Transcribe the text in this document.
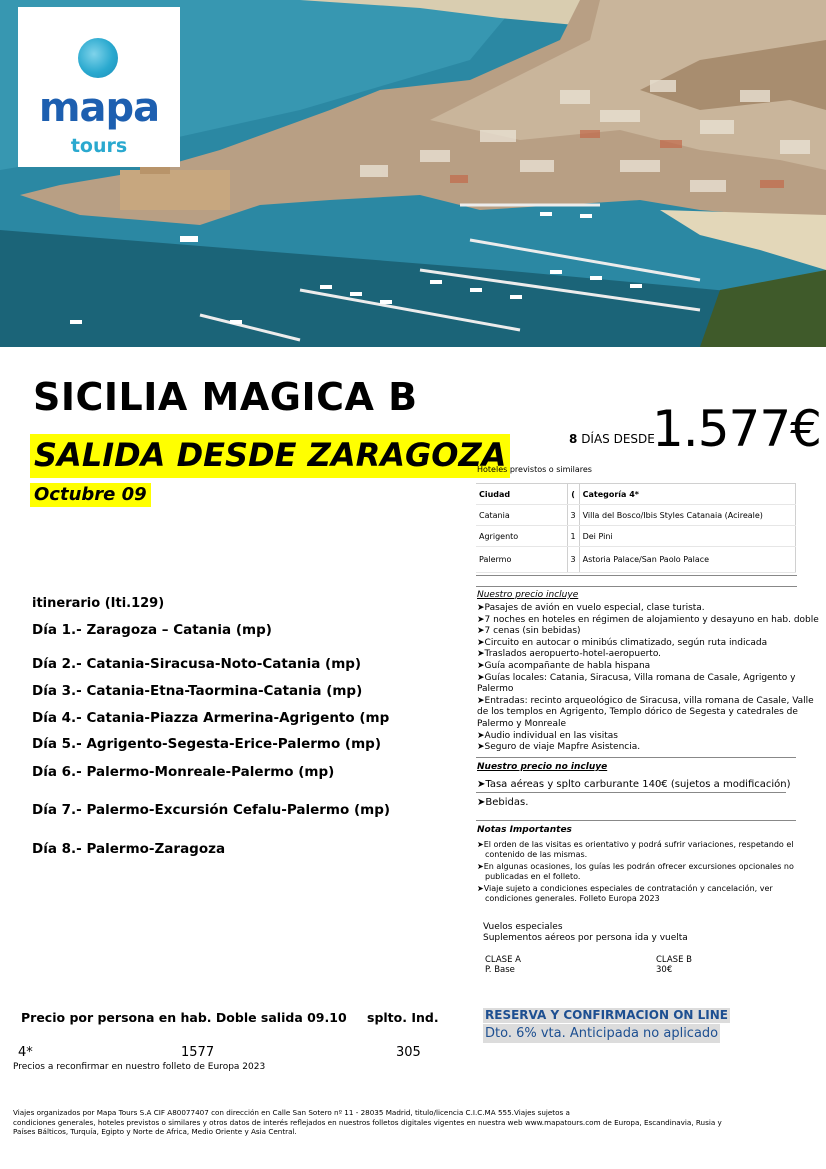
mapa
tours
SICILIA MAGICA B
SALIDA DESDE ZARAGOZA
Octubre 09
8 DÍAS DESDE
1.577€
Hoteles previstos o similares
Ciudad	(	Categoría 4*
Catania	3	Villa del Bosco/Ibis Styles Catanaia (Acireale)
Agrigento	1	Dei Pini
Palermo	3	Astoria Palace/San Paolo Palace
itinerario (Iti.129)
Día 1.- Zaragoza – Catania (mp)
Día 2.- Catania-Siracusa-Noto-Catania (mp)
Día 3.- Catania-Etna-Taormina-Catania (mp)
Día 4.- Catania-Piazza Armerina-Agrigento (mp
Día 5.- Agrigento-Segesta-Erice-Palermo (mp)
Día 6.- Palermo-Monreale-Palermo (mp)
Día 7.- Palermo-Excursión Cefalu-Palermo (mp)
Día 8.- Palermo-Zaragoza
Nuestro precio incluye
➤Pasajes de avión en vuelo especial, clase turista.
➤7 noches en hoteles en régimen de alojamiento y desayuno en hab. doble
➤7 cenas (sin bebidas)
➤Circuito en autocar o minibús climatizado, según ruta indicada
➤Traslados aeropuerto-hotel-aeropuerto.
➤Guía acompañante de habla hispana
➤Guías locales: Catania, Siracusa, Villa romana de Casale, Agrigento y Palermo
➤Entradas: recinto arqueológico de Siracusa, villa romana de Casale, Valle de los templos en Agrigento, Templo dórico de Segesta y catedrales de Palermo y Monreale
➤Audio individual en las visitas
➤Seguro de viaje Mapfre Asistencia.
Nuestro precio no incluye
➤Tasa aéreas y splto carburante 140€ (sujetos a modificación)
➤Bebidas.
Notas Importantes
➤El orden de las visitas es orientativo y podrá sufrir variaciones, respetando el contenido de las mismas.
➤En algunas ocasiones, los guías les podrán ofrecer excursiones opcionales no publicadas en el folleto.
➤Viaje sujeto a condiciones especiales de contratación y cancelación, ver condiciones generales. Folleto Europa 2023
Vuelos especiales
Suplementos aéreos por persona ida y vuelta
CLASE A
P. Base
CLASE B
30€
RESERVA Y CONFIRMACION ON LINE
Dto. 6% vta. Anticipada no aplicado
Precio por persona en hab. Doble salida 09.10 splto. Ind.
4*	1577	305
Precios a reconfirmar en nuestro folleto de Europa 2023
Viajes organizados por Mapa Tours S.A CIF A80077407 con dirección en Calle San Sotero nº 11 - 28035 Madrid, titulo/licencia C.I.C.MA 555.Viajes sujetos a
condiciones generales, hoteles previstos o similares y otros datos de interés reflejados en nuestros folletos digitales vigentes en nuestra web www.mapatours.com de Europa, Escandinavia, Rusia y
Países Bálticos, Turquía, Egipto y Norte de Africa, Medio Oriente y Asia Central.
